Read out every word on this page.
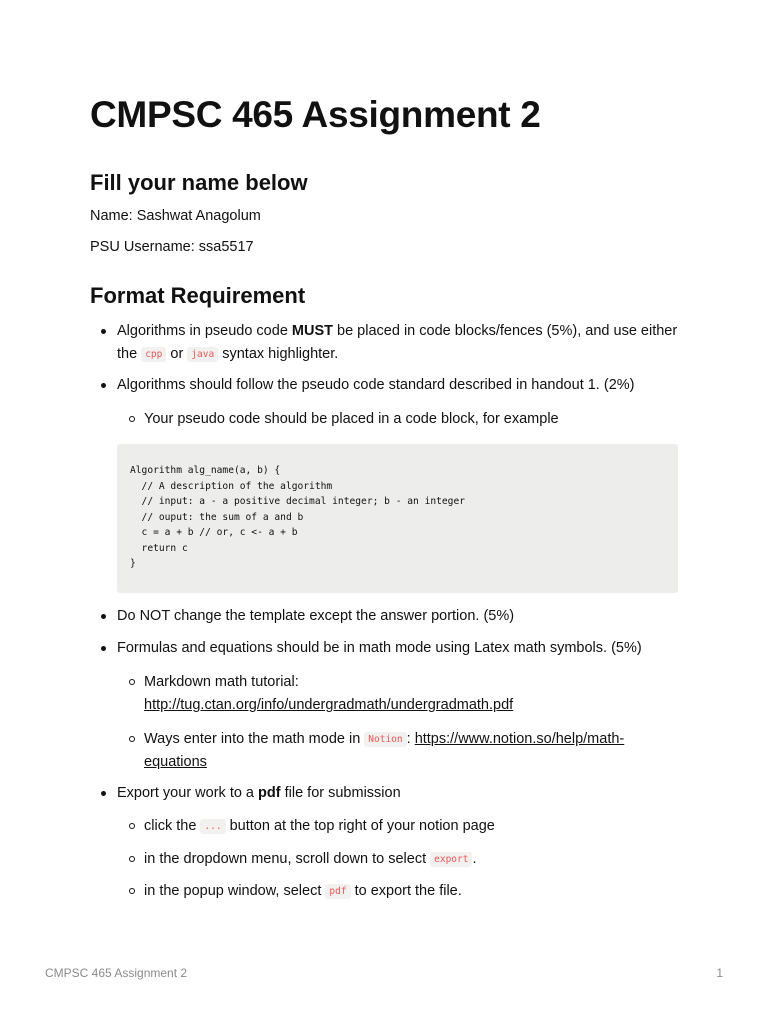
CMPSC 465 Assignment 2
Fill your name below

Name: Sashwat Anagolum

PSU Username: ssa5517

Format Requirement
Algorithms in pseudo code MUST be placed in code blocks/fences (5%), and use either the cpp or java syntax highlighter.
Algorithms should follow the pseudo code standard described in handout 1. (2%)
Your pseudo code should be placed in a code block, for example
Algorithm alg_name(a, b) {
// A description of the algorithm
// input: a - a positive decimal integer; b - an integer
// ouput: the sum of a and b
c = a + b // or, c <- a + b
return c
}
Do NOT change the template except the answer portion. (5%)
Formulas and equations should be in math mode using Latex math symbols. (5%)
Markdown math tutorial:
http://tug.ctan.org/info/undergradmath/undergradmath.pdf
Ways enter into the math mode in Notion : https://www.notion.so/help/math-
equations
Export your work to a pdf file for submission
click the ... button at the top right of your notion page
in the dropdown menu, scroll down to select export .
in the popup window, select pdf to export the file.
CMPSC 465 Assignment 2	1
